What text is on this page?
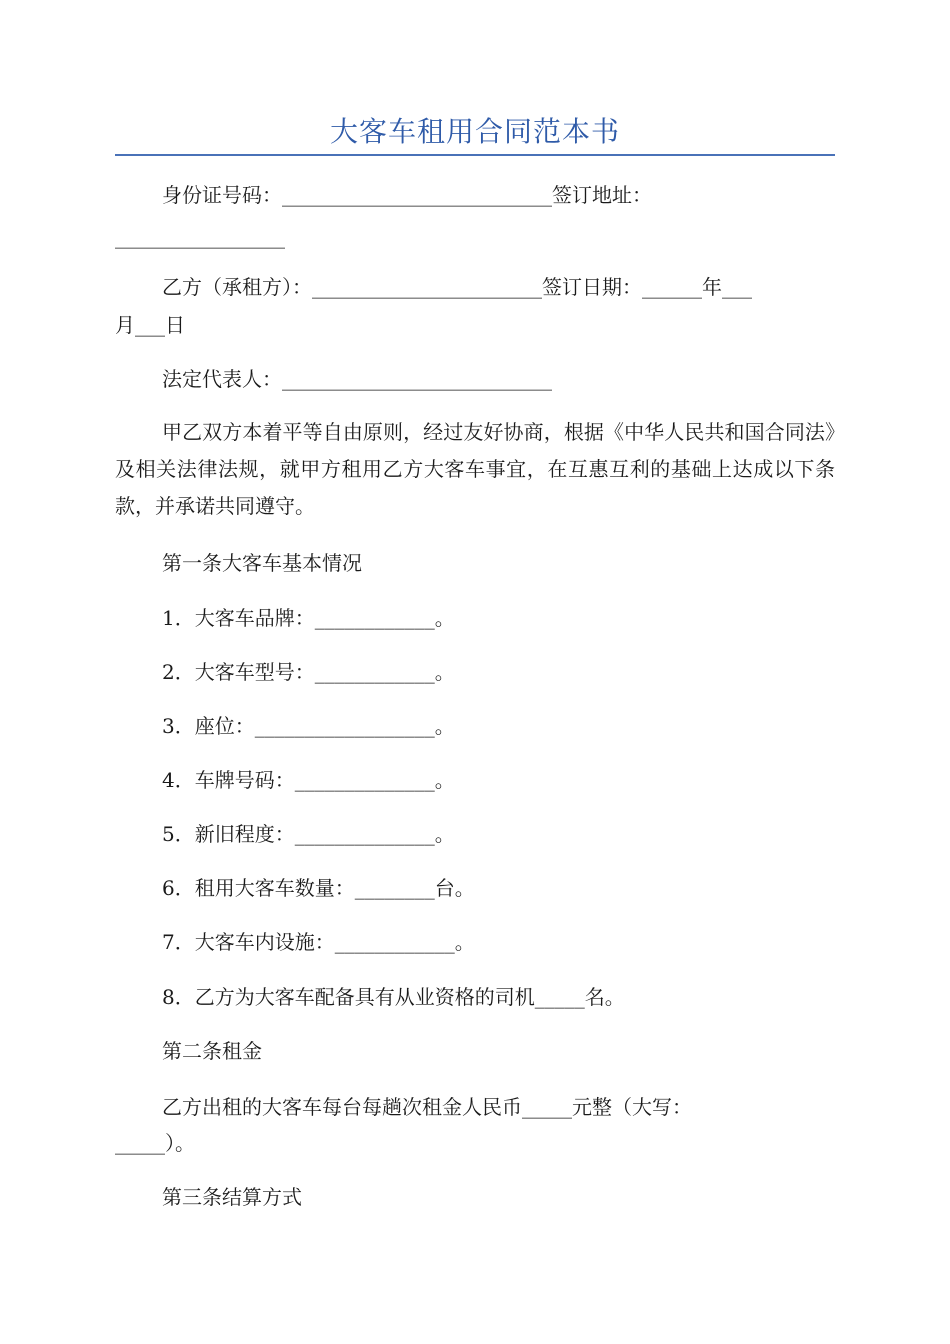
大客车租用合同范本书
身份证号码：___________________________签订地址：
_________________
乙方（承租方）：_______________________签订日期：______年___
月___日
法定代表人：___________________________
甲乙双方本着平等自由原则，经过友好协商，根据《中华人民共和国合同法》及相关法律法规，就甲方租用乙方大客车事宜，在互惠互利的基础上达成以下条款，并承诺共同遵守。
第一条大客车基本情况
1．大客车品牌：____________。
2．大客车型号：____________。
3．座位：__________________。
4．车牌号码：______________。
5．新旧程度：______________。
6．租用大客车数量：________台。
7．大客车内设施：____________。
8．乙方为大客车配备具有从业资格的司机_____名。
第二条租金
乙方出租的大客车每台每趟次租金人民币_____元整（大写：
_____）。
第三条结算方式
